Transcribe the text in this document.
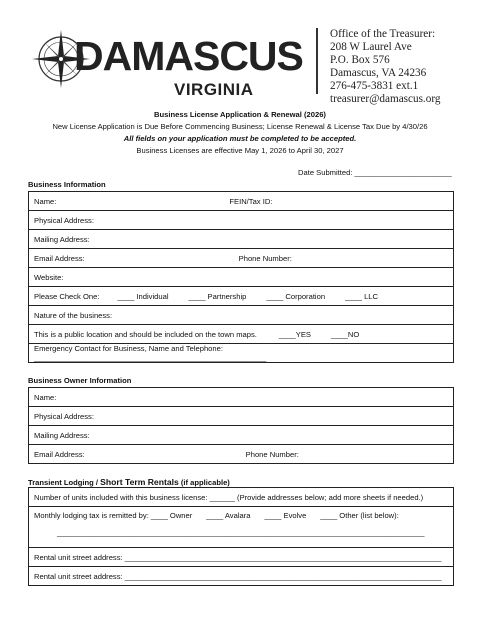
DAMASCUS
VIRGINIA
Office of the Treasurer:
208 W Laurel Ave
P.O. Box 576
Damascus, VA 24236
276-475-3831 ext.1
treasurer@damascus.org
Business License Application & Renewal (2026)
New License Application is Due Before Commencing Business; License Renewal & License Tax Due by 4/30/26
All fields on your application must be completed to be accepted.
Business Licenses are effective May 1, 2026 to April 30, 2027
Date Submitted: _______________________
Business Information
Name:	FEIN/Tax ID:

Physical Address:
Mailing Address:

Email Address:	Phone Number:

Website:

Please Check One: ____ Individual	____ Partnership	____ Corporation	____ LLC

Nature of the business:

This is a public location and should be included on the town maps.	____YES	____NO

Emergency Contact for Business, Name and Telephone: _______________________________________________________
Business Owner Information
Name:
Physical Address:
Mailing Address:

Email Address:	Phone Number:
Transient Lodging / Short Term Rentals (if applicable)
Number of units included with this business license: ______ (Provide addresses below; add more sheets if needed.)

Monthly lodging tax is remitted by: ____ Owner ____ Avalara ____ Evolve ____ Other (list below):
_______________________________________________________________________________________

Rental unit street address: ___________________________________________________________________________
Rental unit street address: ___________________________________________________________________________
